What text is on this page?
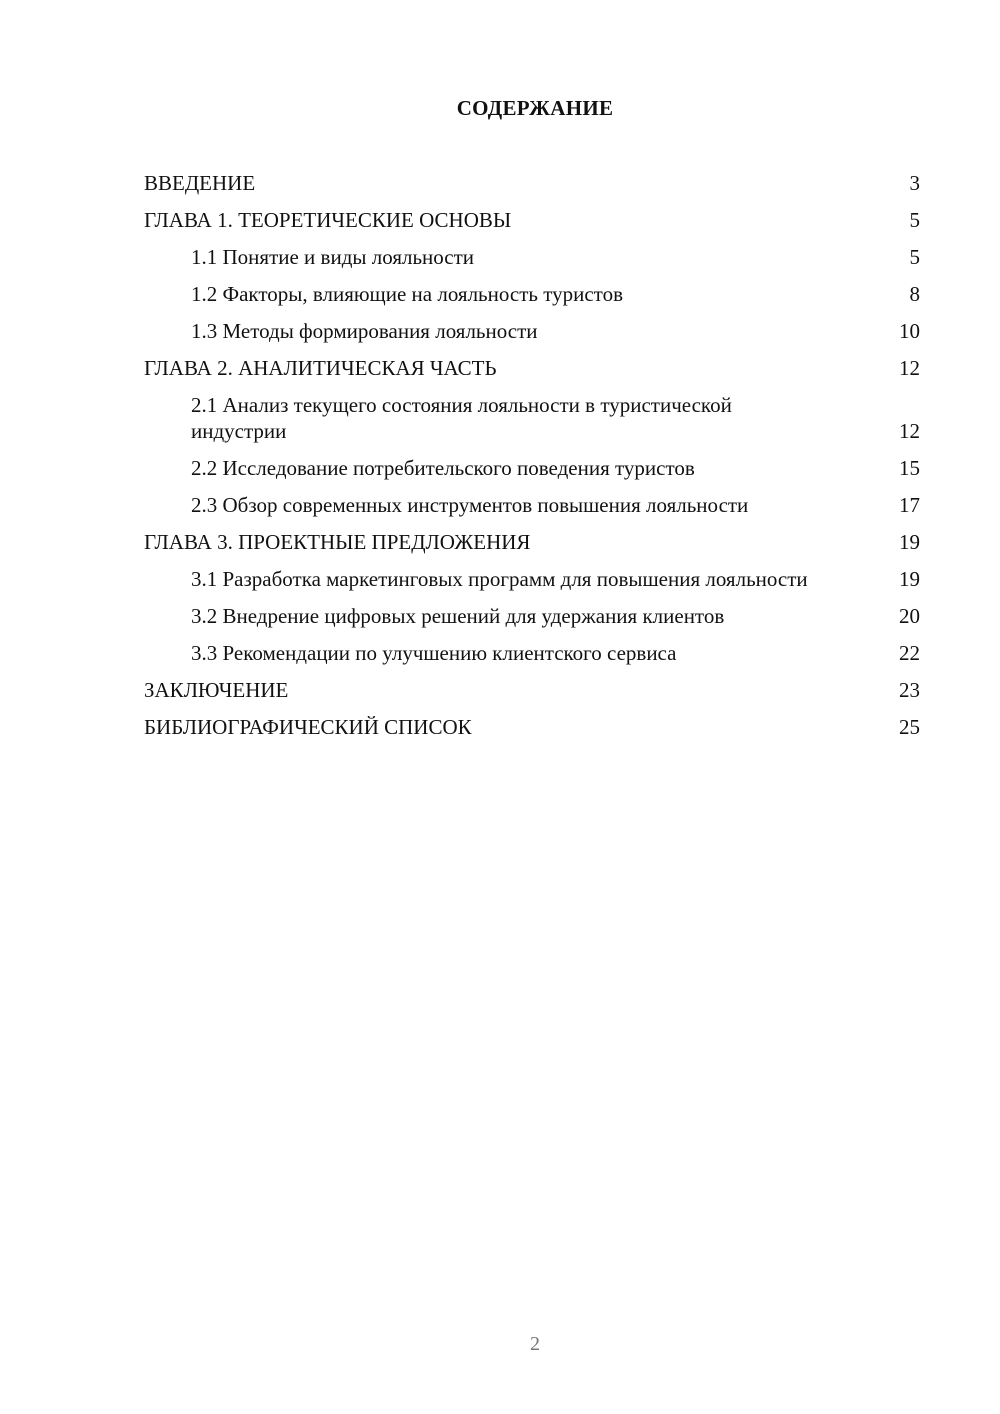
СОДЕРЖАНИЕ
ВВЕДЕНИЕ	3
ГЛАВА 1. ТЕОРЕТИЧЕСКИЕ ОСНОВЫ	5
1.1 Понятие и виды лояльности	5
1.2 Факторы, влияющие на лояльность туристов	8
1.3 Методы формирования лояльности	10
ГЛАВА 2. АНАЛИТИЧЕСКАЯ ЧАСТЬ	12
2.1 Анализ текущего состояния лояльности в туристической индустрии	12
2.2 Исследование потребительского поведения туристов	15
2.3 Обзор современных инструментов повышения лояльности	17
ГЛАВА 3. ПРОЕКТНЫЕ ПРЕДЛОЖЕНИЯ	19
3.1 Разработка маркетинговых программ для повышения лояльности	19
3.2 Внедрение цифровых решений для удержания клиентов	20
3.3 Рекомендации по улучшению клиентского сервиса	22
ЗАКЛЮЧЕНИЕ	23
БИБЛИОГРАФИЧЕСКИЙ СПИСОК	25
2
